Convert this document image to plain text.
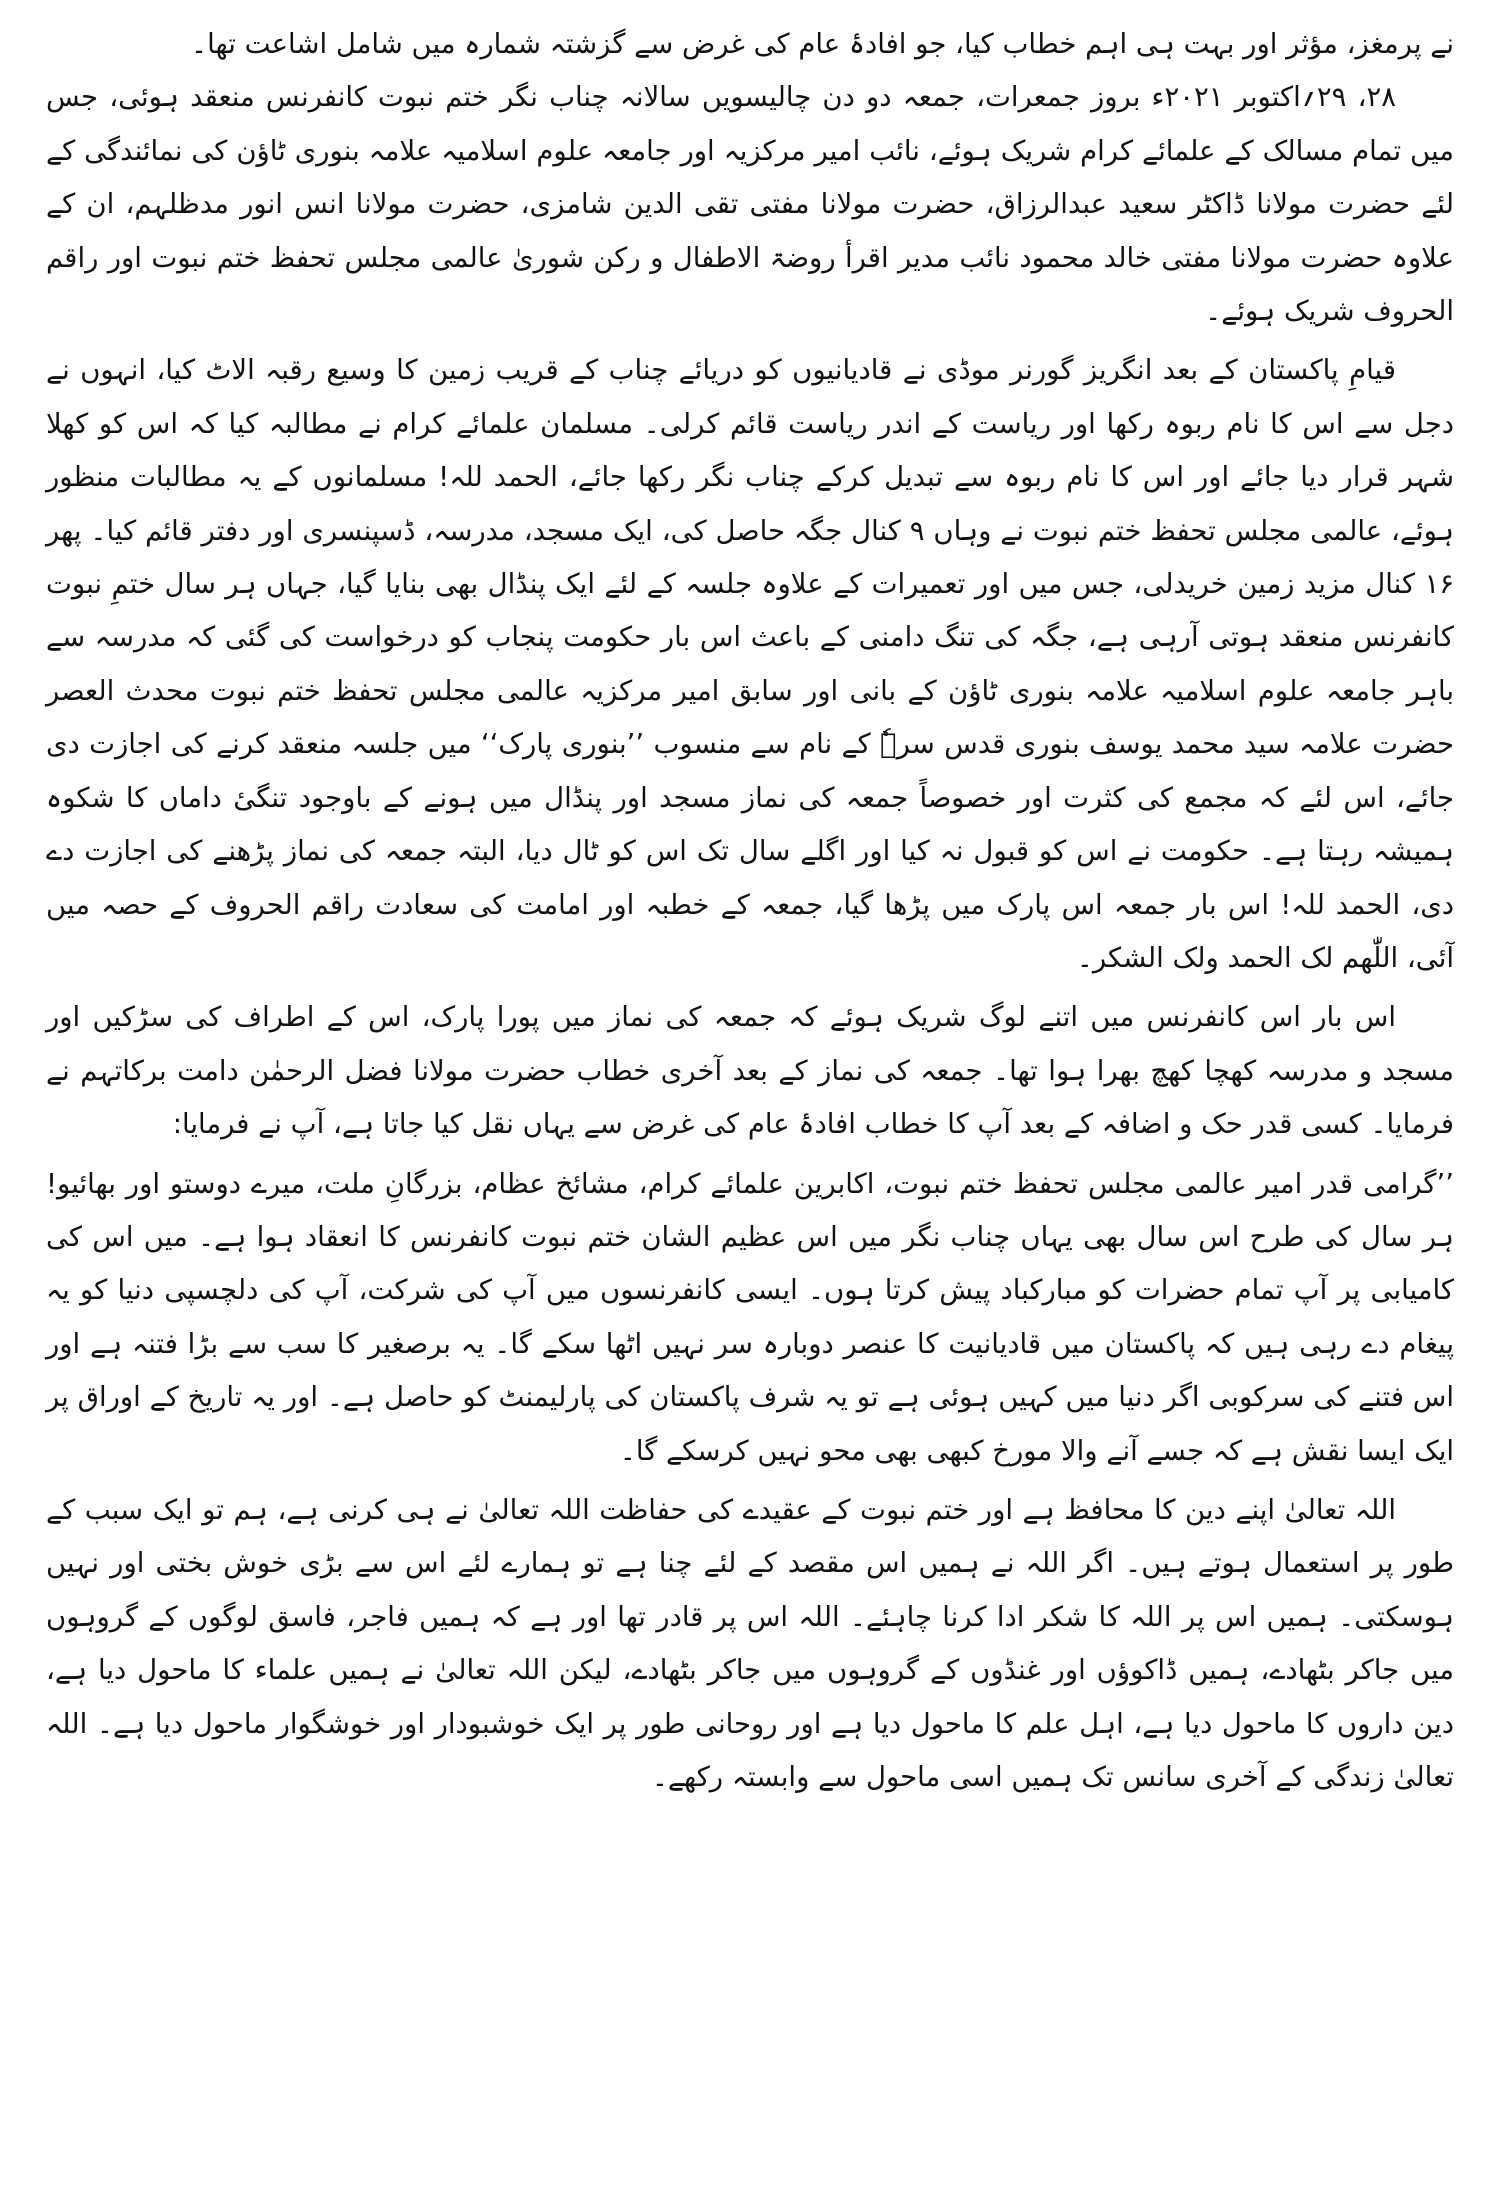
نے پرمغز، مؤثر اور بہت ہی اہم خطاب کیا، جو افادۂ عام کی غرض سے گزشتہ شمارہ میں شامل اشاعت تھا۔

۲۸، ۲۹؍اکتوبر ۲۰۲۱ء بروز جمعرات، جمعہ دو دن چالیسویں سالانہ چناب نگر ختم نبوت کانفرنس منعقد ہوئی، جس میں تمام مسالک کے علمائے کرام شریک ہوئے، نائب امیر مرکزیہ اور جامعہ علوم اسلامیہ علامہ بنوری ٹاؤن کی نمائندگی کے لئے حضرت مولانا ڈاکٹر سعید عبدالرزاق، حضرت مولانا مفتی تقی الدین شامزی، حضرت مولانا انس انور مدظلہم، ان کے علاوہ حضرت مولانا مفتی خالد محمود نائب مدیر اقرأ روضۃ الاطفال و رکن شوریٰ عالمی مجلس تحفظ ختم نبوت اور راقم الحروف شریک ہوئے۔

قیامِ پاکستان کے بعد انگریز گورنر موڈی نے قادیانیوں کو دریائے چناب کے قریب زمین کا وسیع رقبہ الاٹ کیا، انہوں نے دجل سے اس کا نام ربوہ رکھا اور ریاست کے اندر ریاست قائم کرلی۔ مسلمان علمائے کرام نے مطالبہ کیا کہ اس کو کھلا شہر قرار دیا جائے اور اس کا نام ربوہ سے تبدیل کرکے چناب نگر رکھا جائے، الحمد للہ! مسلمانوں کے یہ مطالبات منظور ہوئے، عالمی مجلس تحفظ ختم نبوت نے وہاں ۹ کنال جگہ حاصل کی، ایک مسجد، مدرسہ، ڈسپنسری اور دفتر قائم کیا۔ پھر ۱۶ کنال مزید زمین خریدلی، جس میں اور تعمیرات کے علاوہ جلسہ کے لئے ایک پنڈال بھی بنایا گیا، جہاں ہر سال ختمِ نبوت کانفرنس منعقد ہوتی آرہی ہے، جگہ کی تنگ دامنی کے باعث اس بار حکومت پنجاب کو درخواست کی گئی کہ مدرسہ سے باہر جامعہ علوم اسلامیہ علامہ بنوری ٹاؤن کے بانی اور سابق امیر مرکزیہ عالمی مجلس تحفظ ختم نبوت محدث العصر حضرت علامہ سید محمد یوسف بنوری قدس سرہٗ کے نام سے منسوب ’’بنوری پارک‘‘ میں جلسہ منعقد کرنے کی اجازت دی جائے، اس لئے کہ مجمع کی کثرت اور خصوصاً جمعہ کی نماز مسجد اور پنڈال میں ہونے کے باوجود تنگیٔ داماں کا شکوہ ہمیشہ رہتا ہے۔ حکومت نے اس کو قبول نہ کیا اور اگلے سال تک اس کو ٹال دیا، البتہ جمعہ کی نماز پڑھنے کی اجازت دے دی، الحمد للہ! اس بار جمعہ اس پارک میں پڑھا گیا، جمعہ کے خطبہ اور امامت کی سعادت راقم الحروف کے حصہ میں آئی، اللّٰھم لک الحمد ولک الشکر۔

اس بار اس کانفرنس میں اتنے لوگ شریک ہوئے کہ جمعہ کی نماز میں پورا پارک، اس کے اطراف کی سڑکیں اور مسجد و مدرسہ کھچا کھچ بھرا ہوا تھا۔ جمعہ کی نماز کے بعد آخری خطاب حضرت مولانا فضل الرحمٰن دامت برکاتہم نے فرمایا۔ کسی قدر حک و اضافہ کے بعد آپ کا خطاب افادۂ عام کی غرض سے یہاں نقل کیا جاتا ہے، آپ نے فرمایا:

’’گرامی قدر امیر عالمی مجلس تحفظ ختم نبوت، اکابرین علمائے کرام، مشائخ عظام، بزرگانِ ملت، میرے دوستو اور بھائیو! ہر سال کی طرح اس سال بھی یہاں چناب نگر میں اس عظیم الشان ختم نبوت کانفرنس کا انعقاد ہوا ہے۔ میں اس کی کامیابی پر آپ تمام حضرات کو مبارکباد پیش کرتا ہوں۔ ایسی کانفرنسوں میں آپ کی شرکت، آپ کی دلچسپی دنیا کو یہ پیغام دے رہی ہیں کہ پاکستان میں قادیانیت کا عنصر دوبارہ سر نہیں اٹھا سکے گا۔ یہ برصغیر کا سب سے بڑا فتنہ ہے اور اس فتنے کی سرکوبی اگر دنیا میں کہیں ہوئی ہے تو یہ شرف پاکستان کی پارلیمنٹ کو حاصل ہے۔ اور یہ تاریخ کے اوراق پر ایک ایسا نقش ہے کہ جسے آنے والا مورخ کبھی بھی محو نہیں کرسکے گا۔

اللہ تعالیٰ اپنے دین کا محافظ ہے اور ختم نبوت کے عقیدے کی حفاظت اللہ تعالیٰ نے ہی کرنی ہے، ہم تو ایک سبب کے طور پر استعمال ہوتے ہیں۔ اگر اللہ نے ہمیں اس مقصد کے لئے چنا ہے تو ہمارے لئے اس سے بڑی خوش بختی اور نہیں ہوسکتی۔ ہمیں اس پر اللہ کا شکر ادا کرنا چاہئے۔ اللہ اس پر قادر تھا اور ہے کہ ہمیں فاجر، فاسق لوگوں کے گروہوں میں جاکر بٹھادے، ہمیں ڈاکوؤں اور غنڈوں کے گروہوں میں جاکر بٹھادے، لیکن اللہ تعالیٰ نے ہمیں علماء کا ماحول دیا ہے، دین داروں کا ماحول دیا ہے، اہل علم کا ماحول دیا ہے اور روحانی طور پر ایک خوشبودار اور خوشگوار ماحول دیا ہے۔ اللہ تعالیٰ زندگی کے آخری سانس تک ہمیں اسی ماحول سے وابستہ رکھے۔
